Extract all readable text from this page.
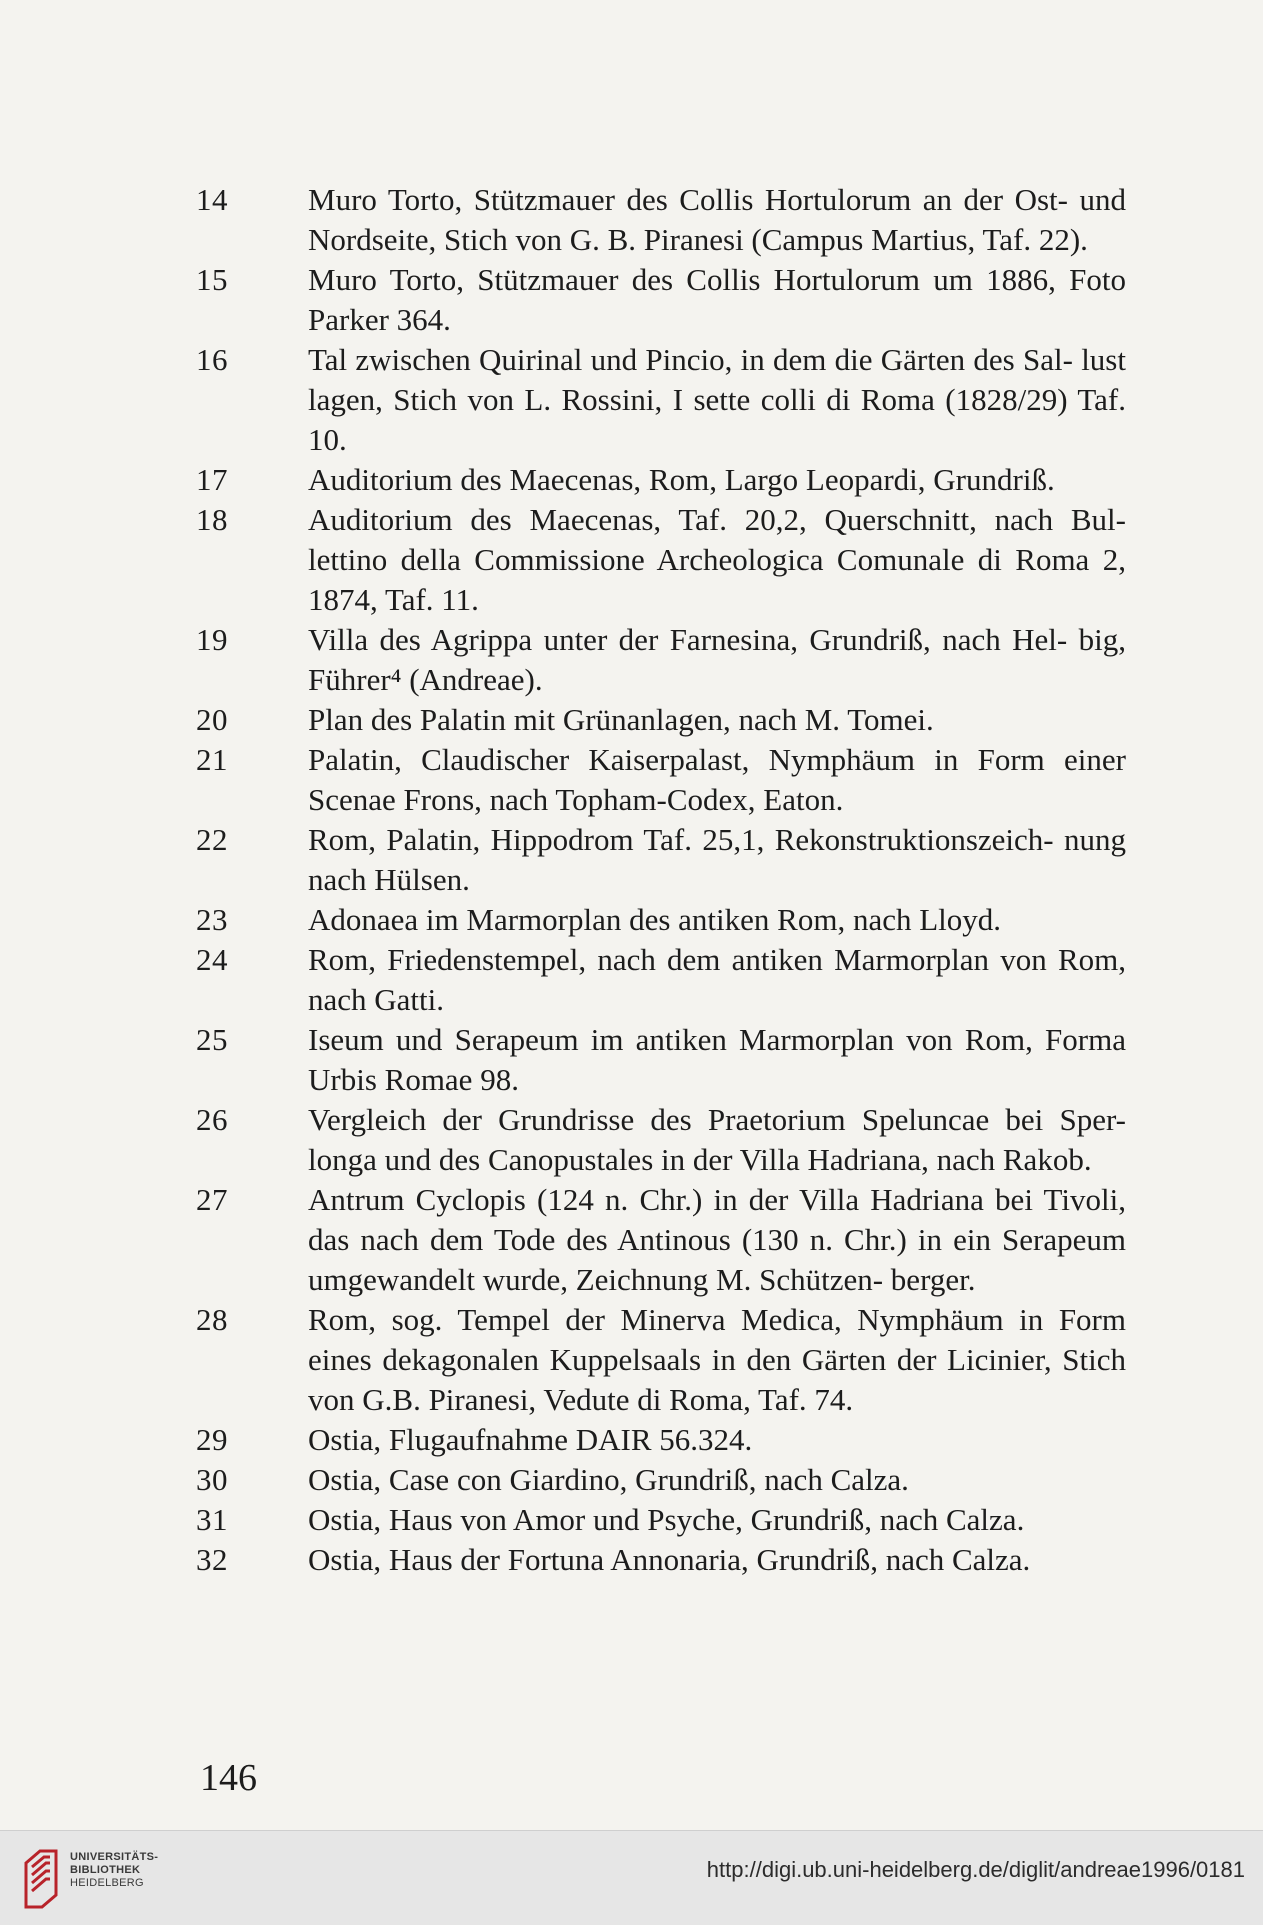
14	Muro Torto, Stützmauer des Collis Hortulorum an der Ost- und Nordseite, Stich von G. B. Piranesi (Campus Martius, Taf. 22).
15	Muro Torto, Stützmauer des Collis Hortulorum um 1886, Foto Parker 364.
16	Tal zwischen Quirinal und Pincio, in dem die Gärten des Sal- lust lagen, Stich von L. Rossini, I sette colli di Roma (1828/29) Taf. 10.
17	Auditorium des Maecenas, Rom, Largo Leopardi, Grundriß.
18	Auditorium des Maecenas, Taf. 20,2, Querschnitt, nach Bul- lettino della Commissione Archeologica Comunale di Roma 2, 1874, Taf. 11.
19	Villa des Agrippa unter der Farnesina, Grundriß, nach Hel- big, Führer⁴ (Andreae).
20	Plan des Palatin mit Grünanlagen, nach M. Tomei.
21	Palatin, Claudischer Kaiserpalast, Nymphäum in Form einer Scenae Frons, nach Topham-Codex, Eaton.
22	Rom, Palatin, Hippodrom Taf. 25,1, Rekonstruktionszeich- nung nach Hülsen.
23	Adonaea im Marmorplan des antiken Rom, nach Lloyd.
24	Rom, Friedenstempel, nach dem antiken Marmorplan von Rom, nach Gatti.
25	Iseum und Serapeum im antiken Marmorplan von Rom, Forma Urbis Romae 98.
26	Vergleich der Grundrisse des Praetorium Speluncae bei Sper- longa und des Canopustales in der Villa Hadriana, nach Rakob.
27	Antrum Cyclopis (124 n. Chr.) in der Villa Hadriana bei Tivoli, das nach dem Tode des Antinous (130 n. Chr.) in ein Serapeum umgewandelt wurde, Zeichnung M. Schützen- berger.
28	Rom, sog. Tempel der Minerva Medica, Nymphäum in Form eines dekagonalen Kuppelsaals in den Gärten der Licinier, Stich von G.B. Piranesi, Vedute di Roma, Taf. 74.
29	Ostia, Flugaufnahme DAIR 56.324.
30	Ostia, Case con Giardino, Grundriß, nach Calza.
31	Ostia, Haus von Amor und Psyche, Grundriß, nach Calza.
32	Ostia, Haus der Fortuna Annonaria, Grundriß, nach Calza.
146
UNIVERSITÄTS-
BIBLIOTHEK
HEIDELBERG
http://digi.ub.uni-heidelberg.de/diglit/andreae1996/0181
